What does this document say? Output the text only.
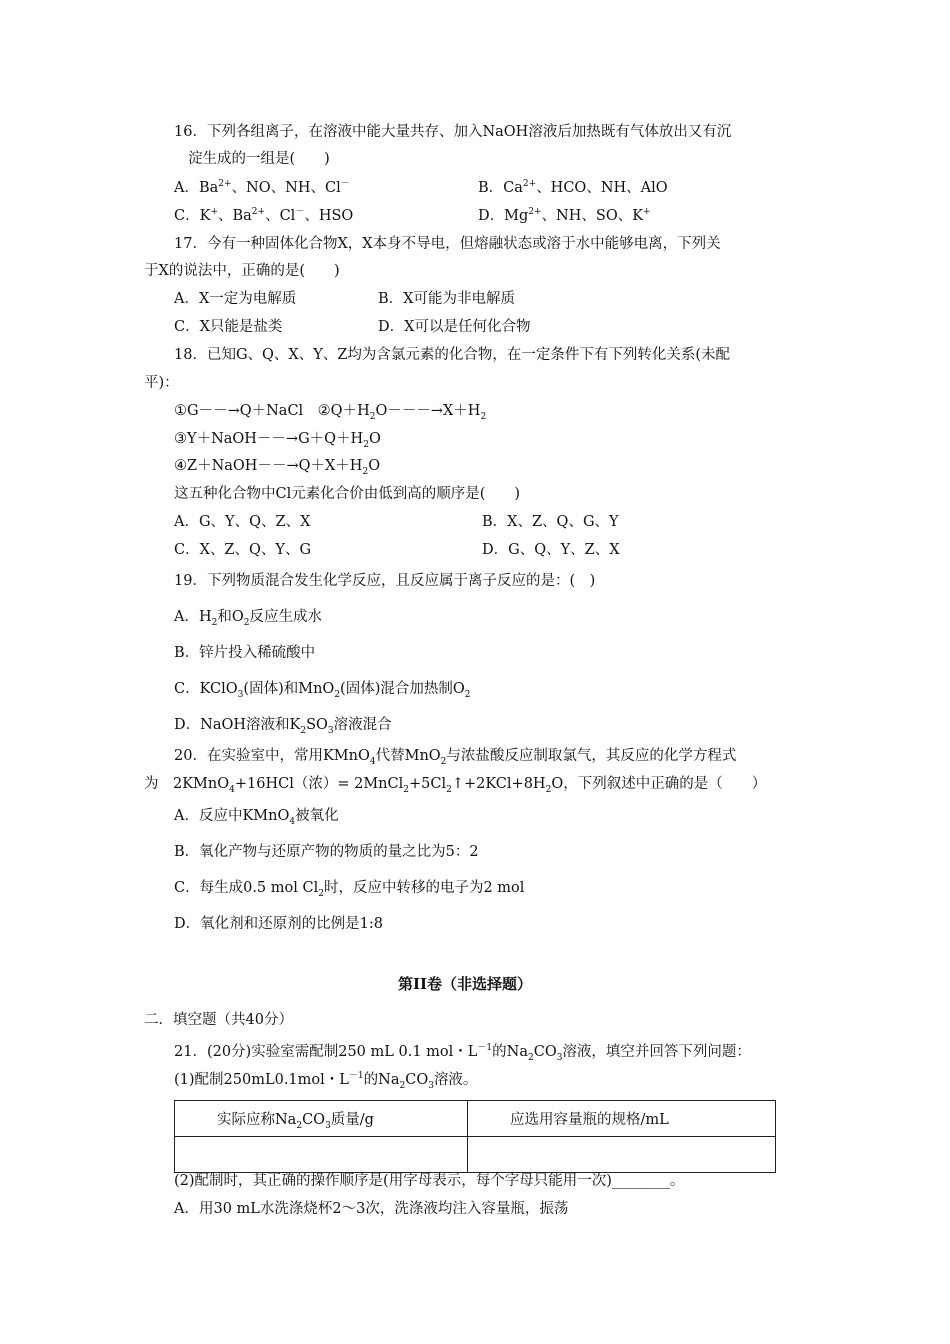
16．下列各组离子，在溶液中能大量共存、加入NaOH溶液后加热既有气体放出又有沉
淀生成的一组是(　　)
A．$Ba^{2+}$、NO、NH、Cl－	B．$Ca^{2+}$、HCO、NH、AlO
C．K+、$Ba^{2+}$、Cl－、HSO	D．$Mg^{2+}$、NH、SO、K+
17．今有一种固体化合物X，X本身不导电，但熔融状态或溶于水中能够电离，下列关
于X的说法中，正确的是(　　)
A．X一定为电解质	B．X可能为非电解质
C．X只能是盐类	D．X可以是任何化合物
18．已知G、Q、X、Y、Z均为含氯元素的化合物，在一定条件下有下列转化关系(未配
平)：
①G－－→Q＋NaCl　$②Q+H_2O---\to X+H_2$
$③Y+NaOH--\to G+Q+H_2O$
$④Z+NaOH--\to Q+X+H_2O$
这五种化合物中Cl元素化合价由低到高的顺序是(　　)
A．G、Y、Q、Z、X	B．X、Z、Q、G、Y
C．X、Z、Q、Y、G	D．G、Q、Y、Z、X
19．下列物质混合发生化学反应，且反应属于离子反应的是：(　)
A．$H_2$和$O_2$反应生成水
B．锌片投入稀硫酸中
C．KClO$_3$(固体)和MnO$_2$(固体)混合加热制$O_2$
D．NaOH溶液和$K_2SO_3$溶液混合
20．在实验室中，常用KMnO$_4$代替MnO$_2$与浓盐酸反应制取氯气，其反应的化学方程式
为　2KMnO$_4$+16HCl（浓）= $2MnCl_2+5Cl_2↑+2KCl+8H_2O$，下列叙述中正确的是（　　）
A．反应中KMnO$_4$被氧化
B．氧化产物与还原产物的物质的量之比为5：2
C．每生成0.5 mol $Cl_2$时，反应中转移的电子为2 mol
D．氧化剂和还原剂的比例是1:8
第II卷（非选择题）
二．填空题（共40分）
21．(20分)实验室需配制250 mL 0.1 mol・$L^{-1}$的$Na_2CO_3$溶液，填空并回答下列问题：
(1)配制250mL0.1mol・$L^{-1}$的$Na_2CO_3$溶液。
实际应称$Na_2CO_3$质量/g	应选用容量瓶的规格/mL

(2)配制时，其正确的操作顺序是(用字母表示，每个字母只能用一次)________。
A．用30 mL水洗涤烧杯2～3次，洗涤液均注入容量瓶，振荡
